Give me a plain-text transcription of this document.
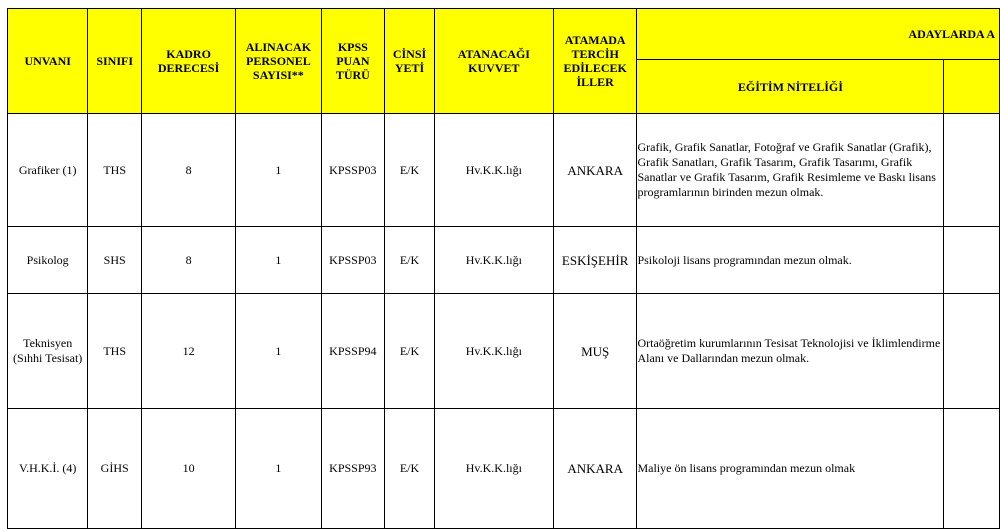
UNVANI	SINIFI	KADRO DERECESİ	ALINACAK PERSONEL SAYISI**	KPSS PUAN TÜRÜ	CİNSİ YETİ	ATANACAĞI KUVVET	ATAMADA TERCİH EDİLECEK İLLER	ADAYLARDA A	
								EĞİTİM NİTELİĞİ	
Grafiker (1)	THS	8	1	KPSSP03	E/K	Hv.K.K.lığı	ANKARA	Grafik, Grafik Sanatlar, Fotoğraf ve Grafik Sanatlar (Grafik), Grafik Sanatları, Grafik Tasarım, Grafik Tasarımı, Grafik Sanatlar ve Grafik Tasarım, Grafik Resimleme ve Baskı lisans programlarının birinden mezun olmak.	
Psikolog	SHS	8	1	KPSSP03	E/K	Hv.K.K.lığı	ESKİŞEHİR	Psikoloji lisans programından mezun olmak.	
Teknisyen (Sıhhi Tesisat)	THS	12	1	KPSSP94	E/K	Hv.K.K.lığı	MUŞ	Ortaöğretim kurumlarının Tesisat Teknolojisi ve İklimlendirme Alanı ve Dallarından mezun olmak.	
V.H.K.İ. (4)	GİHS	10	1	KPSSP93	E/K	Hv.K.K.lığı	ANKARA	Maliye ön lisans programından mezun olmak	
